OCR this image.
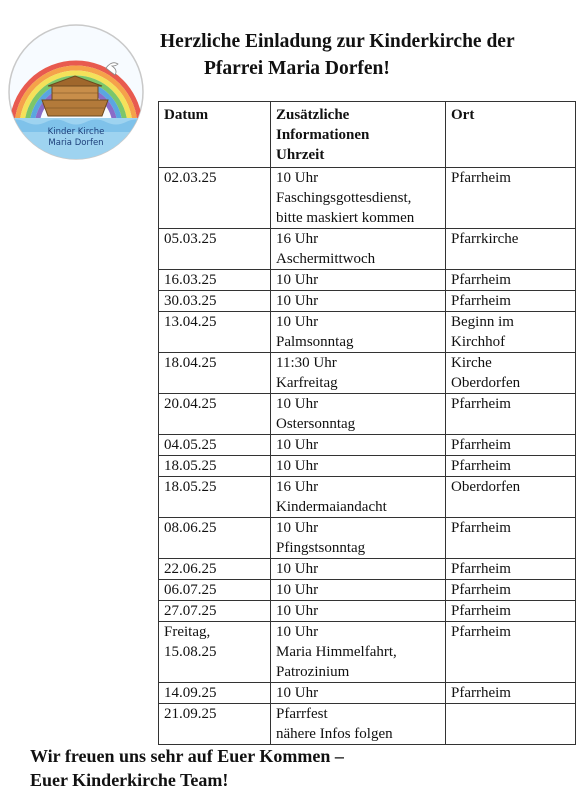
Kinder Kirche
Maria Dorfen
Herzliche Einladung zur Kinderkirche der
Pfarrei Maria Dorfen!
Datum	Zusätzliche
Informationen
Uhrzeit	Ort

02.03.25	10 Uhr
Faschingsgottesdienst,
bitte maskiert kommen	Pfarrheim

05.03.25	16 Uhr
Aschermittwoch	Pfarrkirche

16.03.25	10 Uhr	Pfarrheim

30.03.25	10 Uhr	Pfarrheim

13.04.25	10 Uhr
Palmsonntag	Beginn im
Kirchhof

18.04.25	11:30 Uhr
Karfreitag	Kirche
Oberdorfen

20.04.25	10 Uhr
Ostersonntag	Pfarrheim

04.05.25	10 Uhr	Pfarrheim

18.05.25	10 Uhr	Pfarrheim

18.05.25	16 Uhr
Kindermaiandacht	Oberdorfen

08.06.25	10 Uhr
Pfingstsonntag	Pfarrheim

22.06.25	10 Uhr	Pfarrheim

06.07.25	10 Uhr	Pfarrheim

27.07.25	10 Uhr	Pfarrheim

Freitag,
15.08.25	10 Uhr
Maria Himmelfahrt,
Patrozinium	Pfarrheim

14.09.25	10 Uhr	Pfarrheim

21.09.25	Pfarrfest
nähere Infos folgen	

Wir freuen uns sehr auf Euer Kommen –
Euer Kinderkirche Team!
